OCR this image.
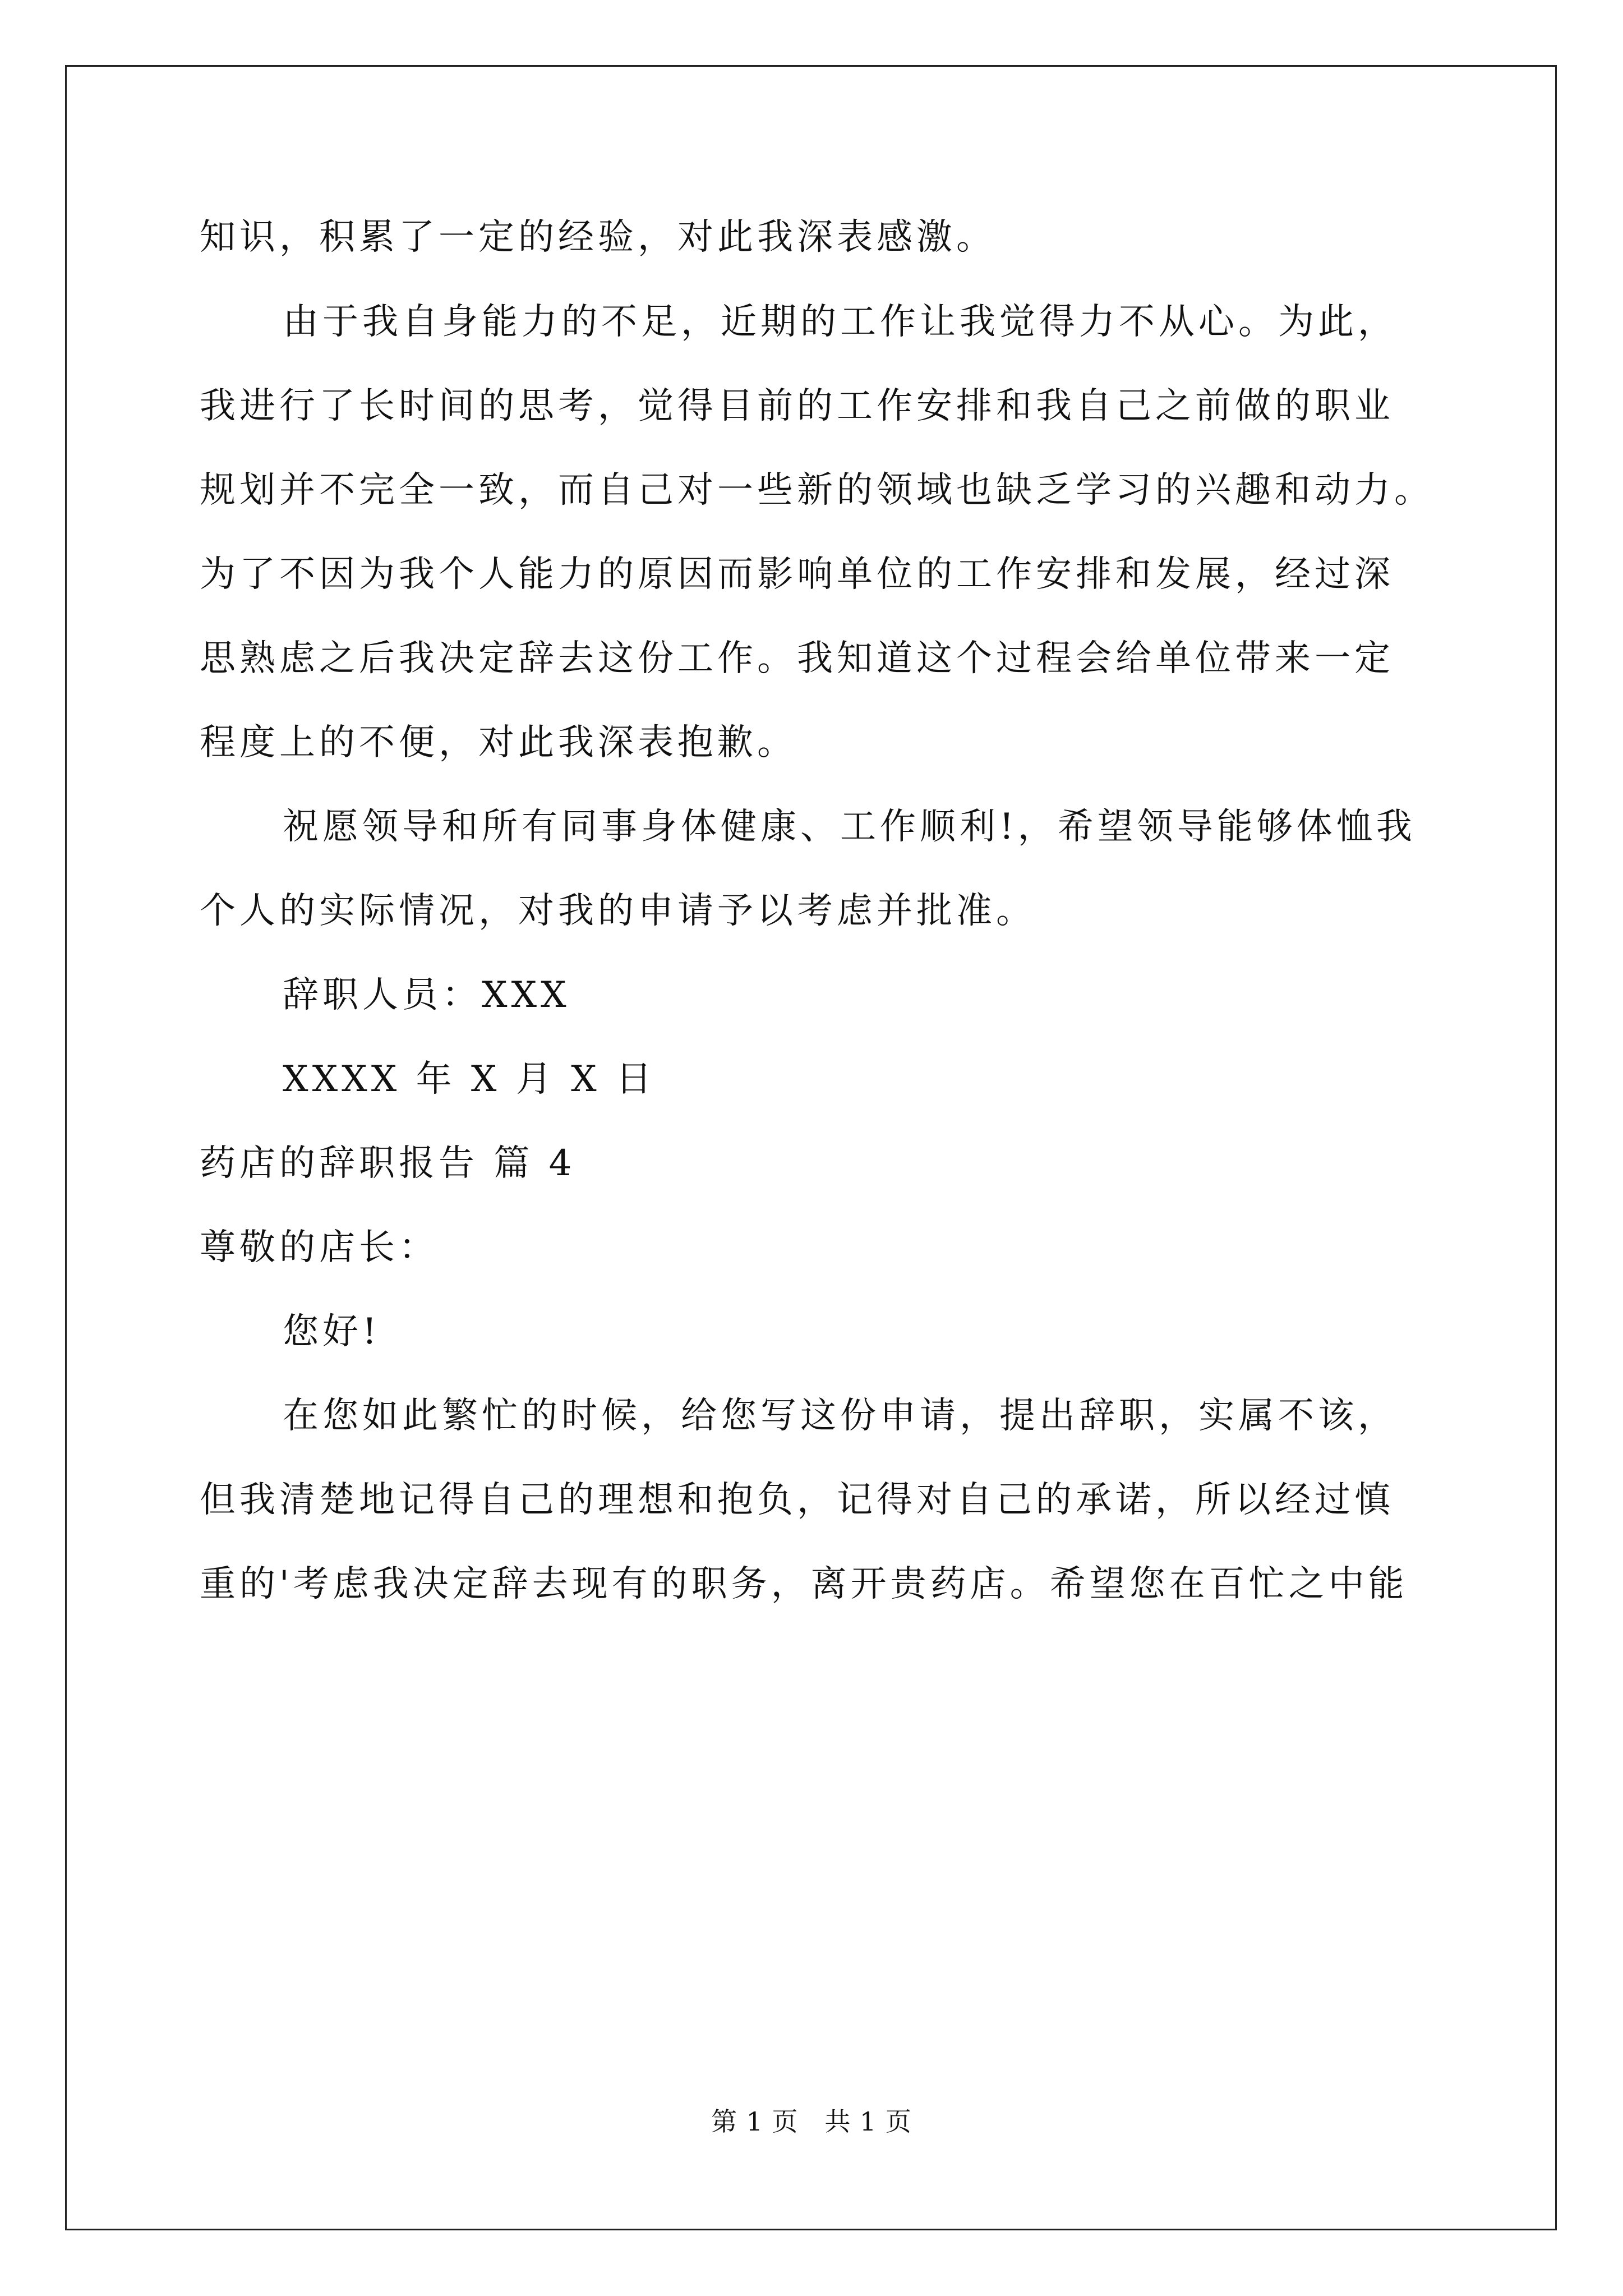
知识，积累了一定的经验，对此我深表感激。
由于我自身能力的不足，近期的工作让我觉得力不从心。为此，
我进行了长时间的思考，觉得目前的工作安排和我自己之前做的职业
规划并不完全一致，而自己对一些新的领域也缺乏学习的兴趣和动力。
为了不因为我个人能力的原因而影响单位的工作安排和发展，经过深
思熟虑之后我决定辞去这份工作。我知道这个过程会给单位带来一定
程度上的不便，对此我深表抱歉。
祝愿领导和所有同事身体健康、工作顺利!，希望领导能够体恤我
个人的实际情况，对我的申请予以考虑并批准。
辞职人员：XXX
XXXX 年 X 月 X 日
药店的辞职报告 篇 4
尊敬的店长：
您好!
在您如此繁忙的时候，给您写这份申请，提出辞职，实属不该，
但我清楚地记得自己的理想和抱负，记得对自己的承诺，所以经过慎
重的'考虑我决定辞去现有的职务，离开贵药店。希望您在百忙之中能
第 1 页   共 1 页
